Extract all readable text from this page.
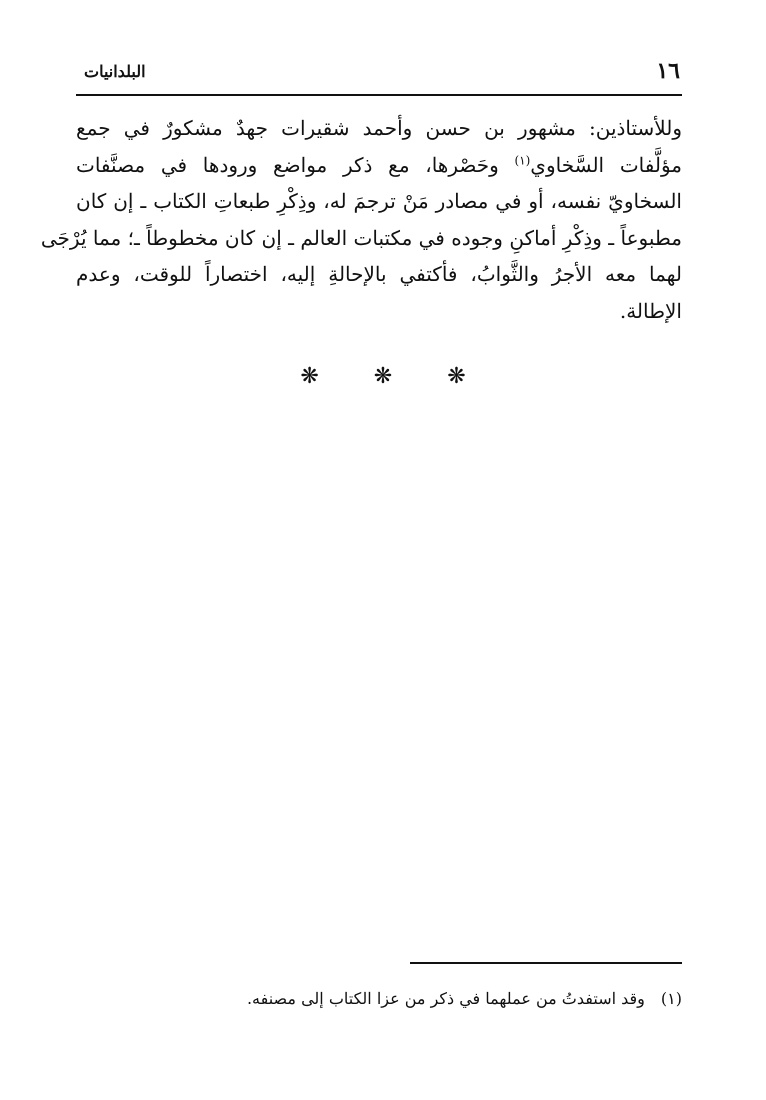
البلدانيات	١٦
وللأستاذين: مشهور بن حسن وأحمد شقيرات جهدٌ مشكورٌ في جمع
مؤلَّفات السَّخاوي$^{(١)}$ وحَصْرها، مع ذكر مواضع ورودها في مصنَّفات
السخاويّ نفسه، أو في مصادر مَنْ ترجمَ له، وذِكْرِ طبعاتِ الكتاب ـ إن كان
مطبوعاً ـ وذِكْرِ أماكنِ وجوده في مكتبات العالم ـ إن كان مخطوطاً ـ؛ مما يُرْجَى
لهما معه الأجرُ والثَّوابُ، فأكتفي بالإحالةِ إليه، اختصاراً للوقت، وعدم
الإطالة.
❋ ❋ ❋
(١)وقد استفدتُ من عملهما في ذكر من عزا الكتاب إلى مصنفه.
